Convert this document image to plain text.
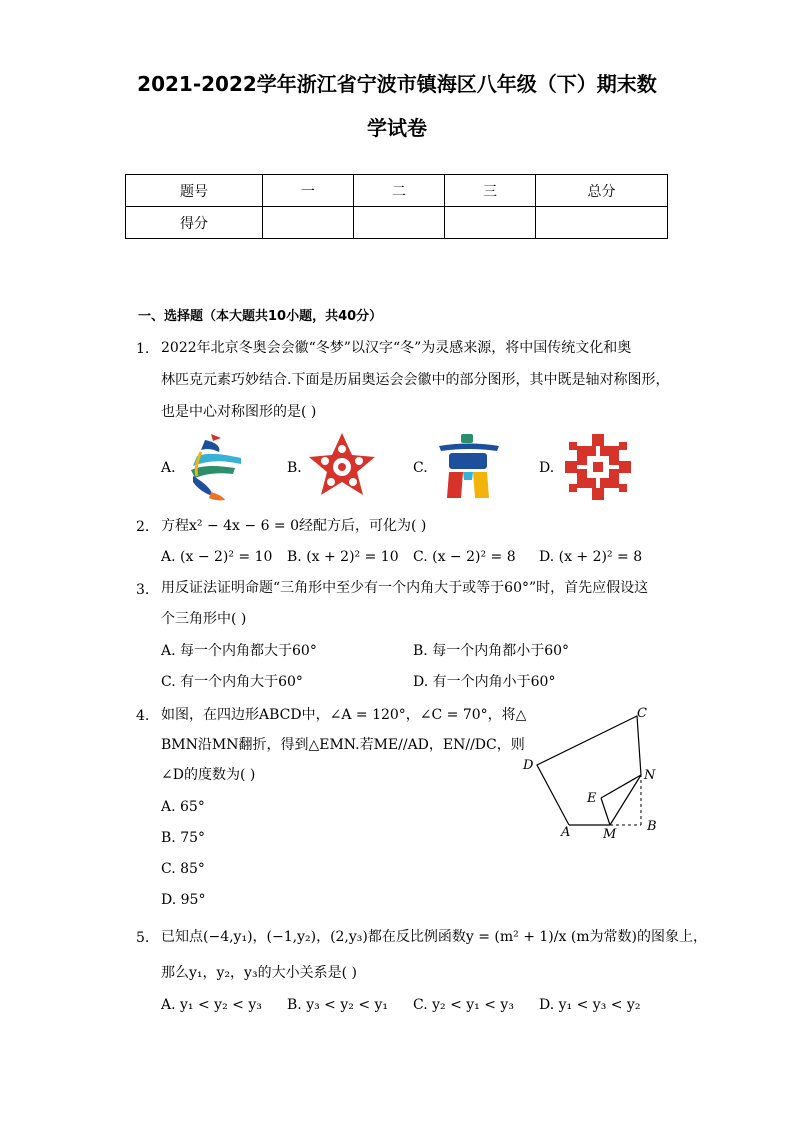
2021-2022学年浙江省宁波市镇海区八年级（下）期末数
学试卷
题号	一	二	三	总分
得分				
一、选择题（本大题共10小题，共40分）
1. 2022年北京冬奥会会徽“冬梦”以汉字“冬”为灵感来源，将中国传统文化和奥
林匹克元素巧妙结合.下面是历届奥运会会徽中的部分图形，其中既是轴对称图形，
也是中心对称图形的是( )
A.	B.	C.	D.
2. 方程x² − 4x − 6 = 0经配方后，可化为( )
A. (x − 2)² = 10 B. (x + 2)² = 10 C. (x − 2)² = 8 D. (x + 2)² = 8
3. 用反证法证明命题“三角形中至少有一个内角大于或等于60°”时，首先应假设这
个三角形中( )
A. 每一个内角都大于60°	B. 每一个内角都小于60°
C. 有一个内角大于60°	D. 有一个内角小于60°
4. 如图，在四边形ABCD中，∠A = 120°，∠C = 70°，将△
BMN沿MN翻折，得到△EMN.若ME//AD，EN//DC，则
∠D的度数为( )
A. 65°
B. 75°
C. 85°
D. 95°
C
D
N
E
A	M
B
5. 已知点(−4,y₁)，(−1,y₂)，(2,y₃)都在反比例函数y = (m² + 1)/x (m为常数)的图象上，
那么y₁，y₂，y₃的大小关系是( )
A. y₁ < y₂ < y₃ B. y₃ < y₂ < y₁ C. y₂ < y₁ < y₃ D. y₁ < y₃ < y₂
